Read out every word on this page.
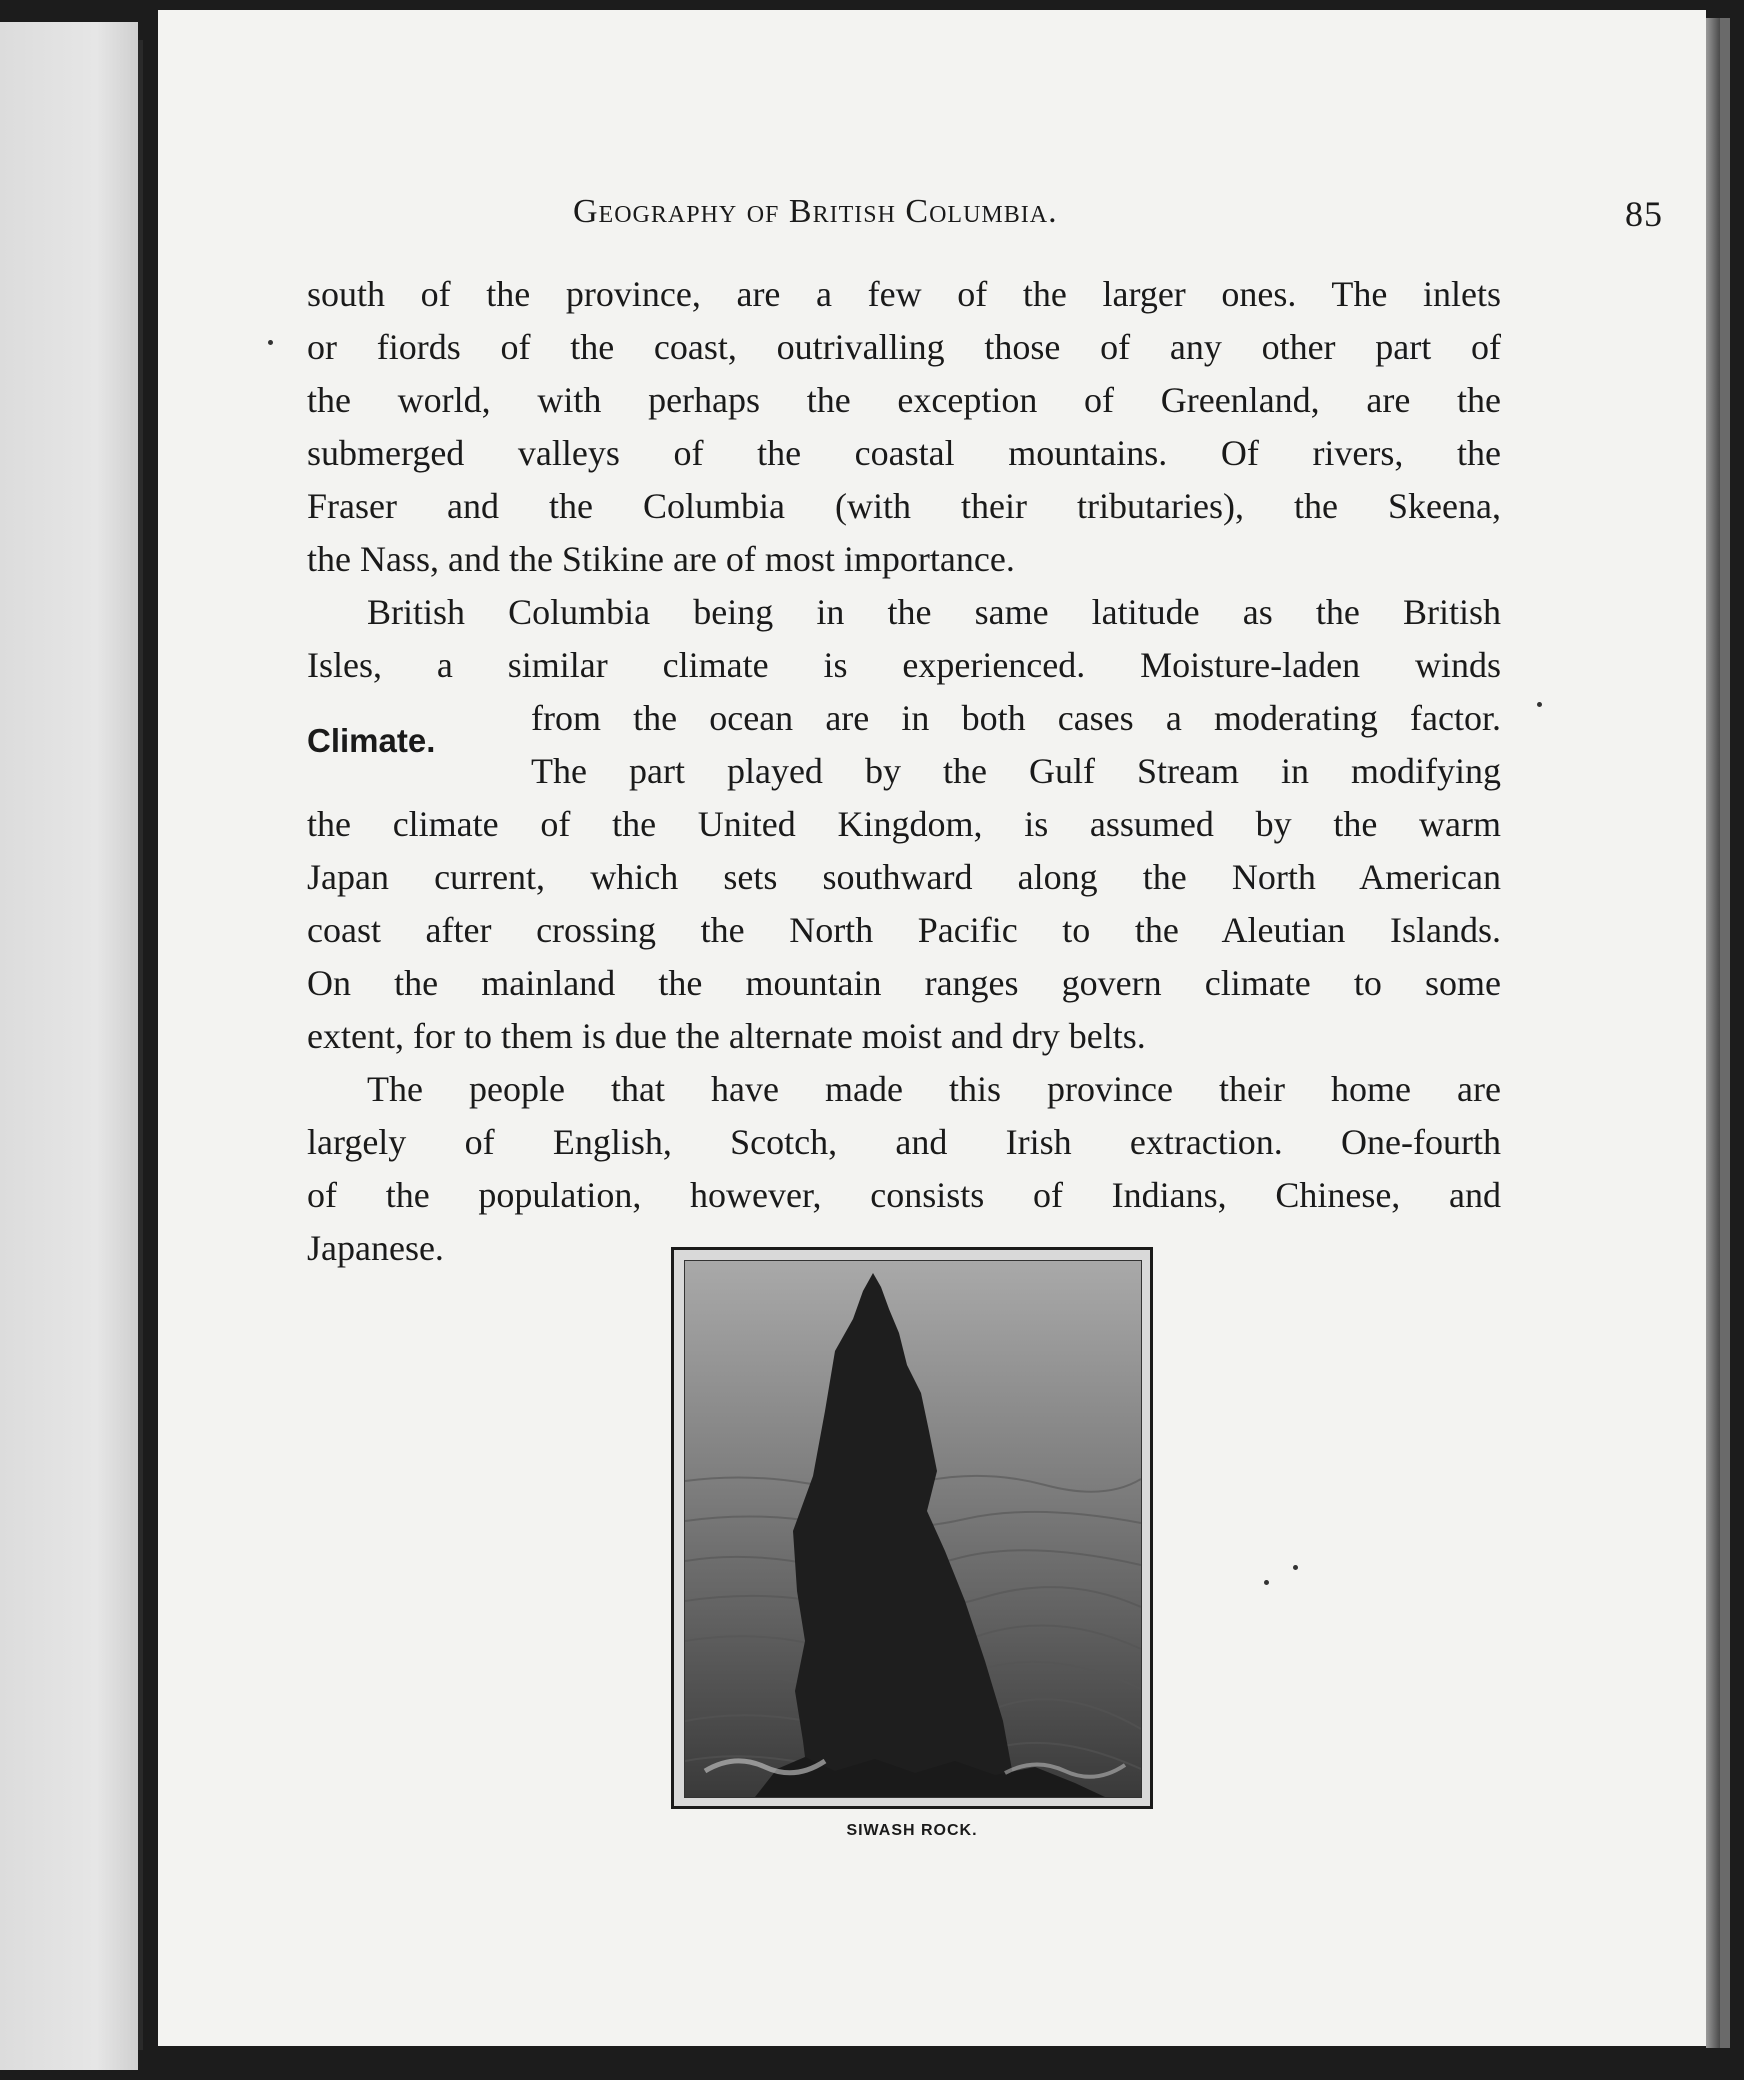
Geography of British Columbia.	85
south of the province, are a few of the larger ones. The inlets
or fiords of the coast, outrivalling those of any other part of
the world, with perhaps the exception of Greenland, are the
submerged valleys of the coastal mountains. Of rivers, the
Fraser and the Columbia (with their tributaries), the Skeena,
the Nass, and the Stikine are of most importance.
British Columbia being in the same latitude as the British
Isles, a similar climate is experienced. Moisture-laden winds
Climate.
from the ocean are in both cases a moderating factor.
The part played by the Gulf Stream in modifying
the climate of the United Kingdom, is assumed by the warm
Japan current, which sets southward along the North American
coast after crossing the North Pacific to the Aleutian Islands.
On the mainland the mountain ranges govern climate to some
extent, for to them is due the alternate moist and dry belts.
The people that have made this province their home are
largely of English, Scotch, and Irish extraction. One-fourth
of the population, however, consists of Indians, Chinese, and
Japanese.
SIWASH ROCK.
